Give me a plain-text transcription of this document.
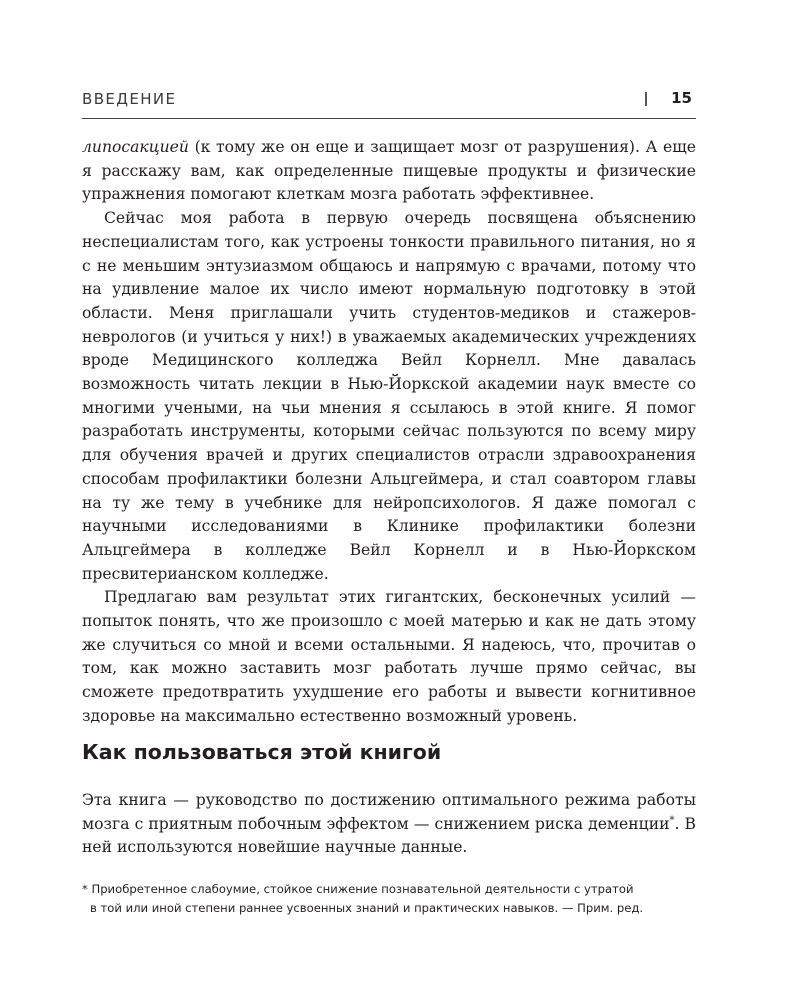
ВВЕДЕНИЕ	15

липосакцией (к тому же он еще и защищает мозг от разрушения). А еще я расскажу вам, как определенные пищевые продукты и физические упражнения помогают клеткам мозга работать эффективнее.

Сейчас моя работа в первую очередь посвящена объяснению неспециалистам того, как устроены тонкости правильного питания, но я с не меньшим энтузиазмом общаюсь и напрямую с врачами, потому что на удивление малое их число имеют нормальную подготовку в этой области. Меня приглашали учить студентов-медиков и стажеров-неврологов (и учиться у них!) в уважаемых академических учреждениях вроде Медицинского колледжа Вейл Корнелл. Мне давалась возможность читать лекции в Нью-Йоркской академии наук вместе со многими учеными, на чьи мнения я ссылаюсь в этой книге. Я помог разработать инструменты, которыми сейчас пользуются по всему миру для обучения врачей и других специалистов отрасли здравоохранения способам профилактики болезни Альцгеймера, и стал соавтором главы на ту же тему в учебнике для нейропсихологов. Я даже помогал с научными исследованиями в Клинике профилактики болезни Альцгеймера в колледже Вейл Корнелл и в Нью-Йоркском пресвитерианском колледже.

Предлагаю вам результат этих гигантских, бесконечных усилий — попыток понять, что же произошло с моей матерью и как не дать этому же случиться со мной и всеми остальными. Я надеюсь, что, прочитав о том, как можно заставить мозг работать лучше прямо сейчас, вы сможете предотвратить ухудшение его работы и вывести когнитивное здоровье на максимально естественно возможный уровень.

Как пользоваться этой книгой

Эта книга — руководство по достижению оптимального режима работы мозга с приятным побочным эффектом — снижением риска деменции*. В ней используются новейшие научные данные.

* Приобретенное слабоумие, стойкое снижение познавательной деятельности с утратой
в той или иной степени раннее усвоенных знаний и практических навыков. — Прим. ред.
